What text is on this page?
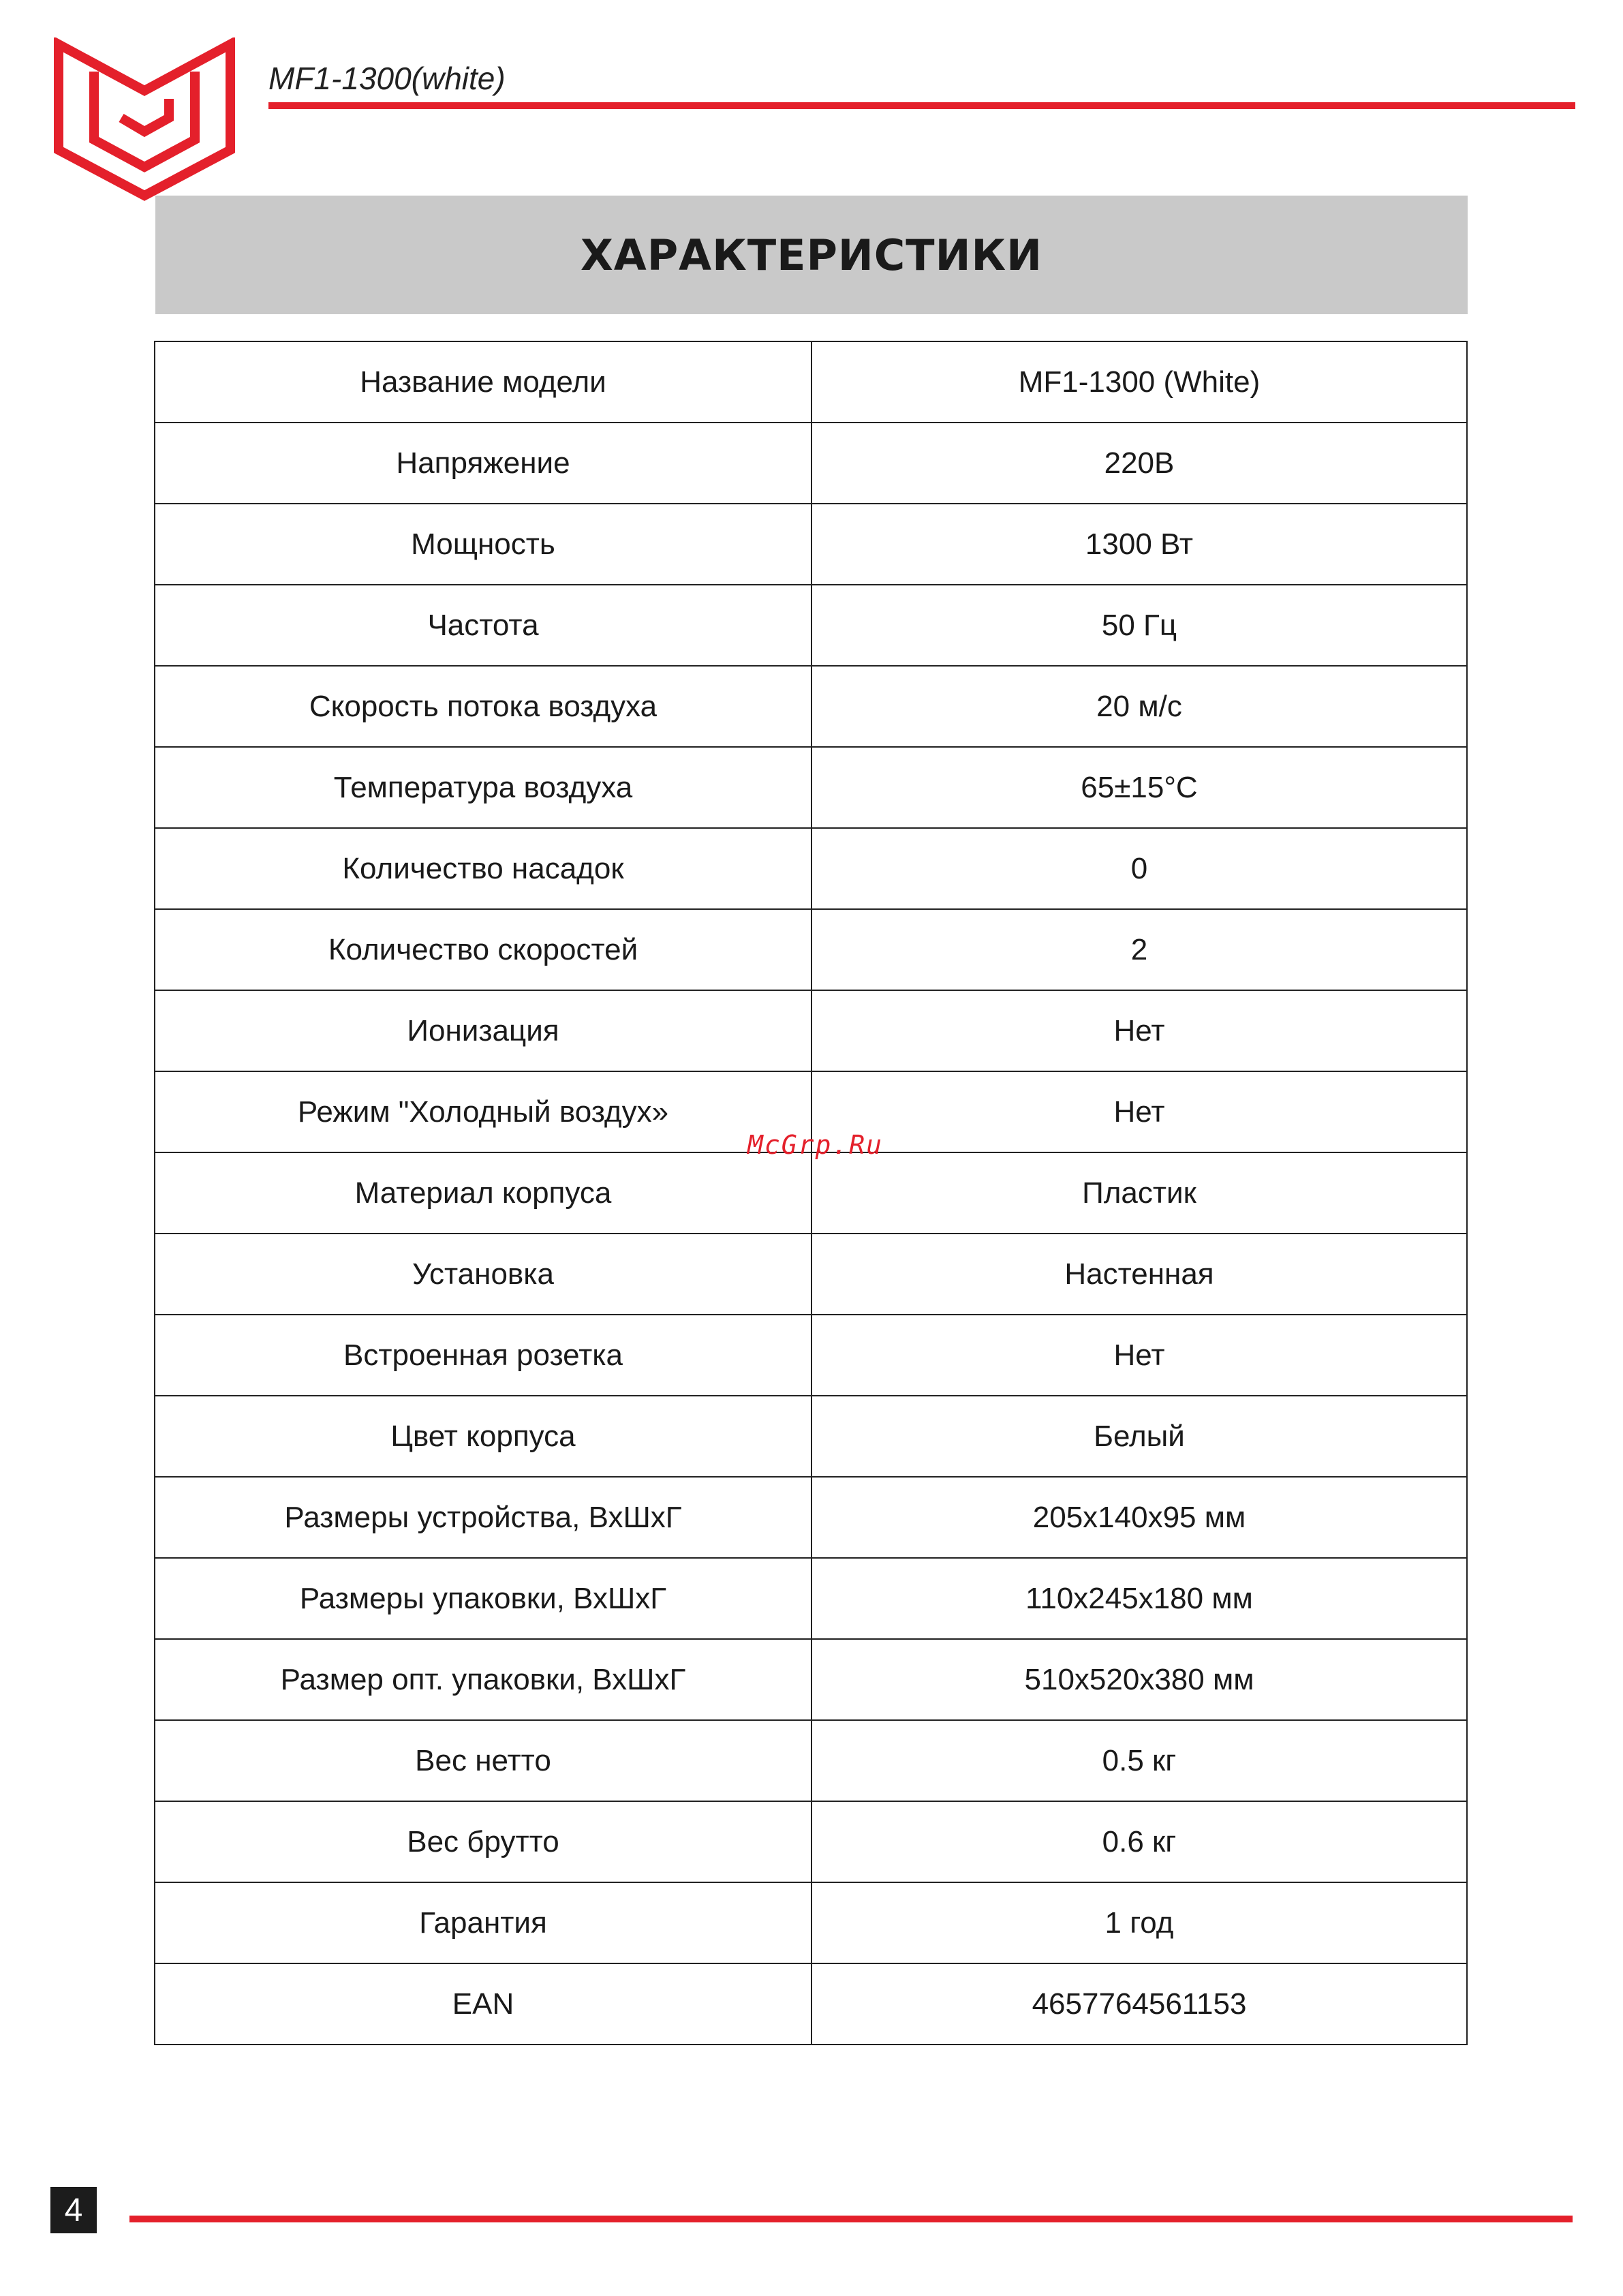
MF1-1300(white)
ХАРАКТЕРИСТИКИ
Название модели	MF1-1300 (White)
Напряжение	220В
Мощность	1300 Вт
Частота	50 Гц
Скорость потока воздуха	20 м/с
Температура воздуха	65±15°C
Количество насадок	0
Количество скоростей	2
Ионизация	Нет
Режим "Холодный воздух»	Нет
Материал корпуса	Пластик
Установка	Настенная
Встроенная розетка	Нет
Цвет корпуса	Белый
Размеры устройства, ВхШхГ	205х140х95 мм
Размеры упаковки, ВхШхГ	110х245х180 мм
Размер опт. упаковки, ВхШхГ	510х520х380 мм
Вес нетто	0.5 кг
Вес брутто	0.6 кг
Гарантия	1 год
EAN	4657764561153
McGrp.Ru
4
